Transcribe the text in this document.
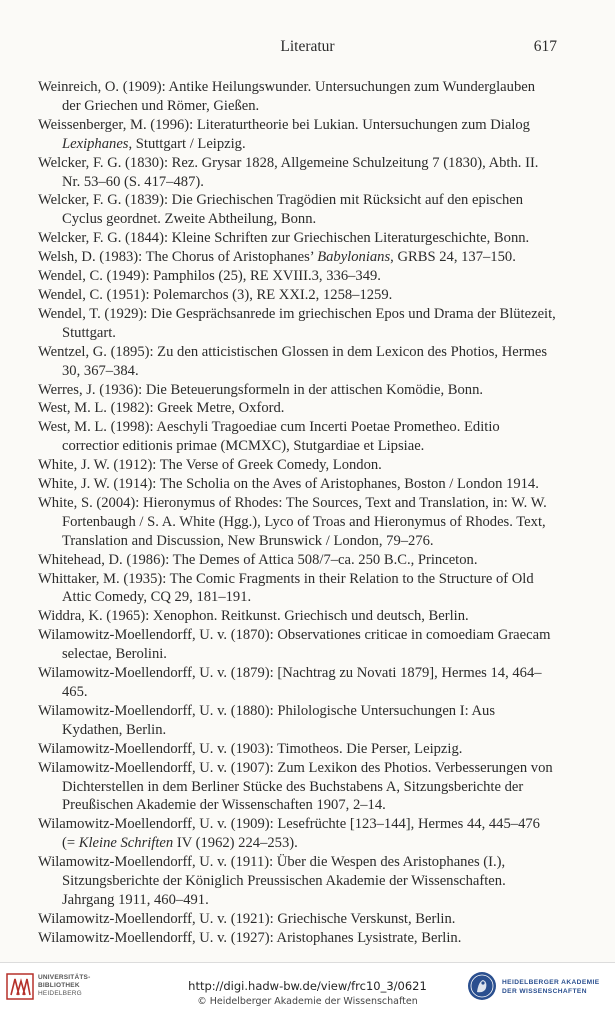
Literatur	617
Weinreich, O. (1909): Antike Heilungswunder. Untersuchungen zum Wunderglauben der Griechen und Römer, Gießen.
Weissenberger, M. (1996): Literaturtheorie bei Lukian. Untersuchungen zum Dialog Lexiphanes, Stuttgart / Leipzig.
Welcker, F. G. (1830): Rez. Grysar 1828, Allgemeine Schulzeitung 7 (1830), Abth. II. Nr. 53–60 (S. 417–487).
Welcker, F. G. (1839): Die Griechischen Tragödien mit Rücksicht auf den epischen Cyclus geordnet. Zweite Abtheilung, Bonn.
Welcker, F. G. (1844): Kleine Schriften zur Griechischen Literaturgeschichte, Bonn.
Welsh, D. (1983): The Chorus of Aristophanes’ Babylonians, GRBS 24, 137–150.
Wendel, C. (1949): Pamphilos (25), RE XVIII.3, 336–349.
Wendel, C. (1951): Polemarchos (3), RE XXI.2, 1258–1259.
Wendel, T. (1929): Die Gesprächsanrede im griechischen Epos und Drama der Blütezeit, Stuttgart.
Wentzel, G. (1895): Zu den atticistischen Glossen in dem Lexicon des Photios, Hermes 30, 367–384.
Werres, J. (1936): Die Beteuerungsformeln in der attischen Komödie, Bonn.
West, M. L. (1982): Greek Metre, Oxford.
West, M. L. (1998): Aeschyli Tragoediae cum Incerti Poetae Prometheo. Editio correctior editionis primae (MCMXC), Stutgardiae et Lipsiae.
White, J. W. (1912): The Verse of Greek Comedy, London.
White, J. W. (1914): The Scholia on the Aves of Aristophanes, Boston / London 1914.
White, S. (2004): Hieronymus of Rhodes: The Sources, Text and Translation, in: W. W. Fortenbaugh / S. A. White (Hgg.), Lyco of Troas and Hieronymus of Rhodes. Text, Translation and Discussion, New Brunswick / London, 79–276.
Whitehead, D. (1986): The Demes of Attica 508/7–ca. 250 B.C., Princeton.
Whittaker, M. (1935): The Comic Fragments in their Relation to the Structure of Old Attic Comedy, CQ 29, 181–191.
Widdra, K. (1965): Xenophon. Reitkunst. Griechisch und deutsch, Berlin.
Wilamowitz-Moellendorff, U. v. (1870): Observationes criticae in comoediam Graecam selectae, Berolini.
Wilamowitz-Moellendorff, U. v. (1879): [Nachtrag zu Novati 1879], Hermes 14, 464–465.
Wilamowitz-Moellendorff, U. v. (1880): Philologische Untersuchungen I: Aus Kydathen, Berlin.
Wilamowitz-Moellendorff, U. v. (1903): Timotheos. Die Perser, Leipzig.
Wilamowitz-Moellendorff, U. v. (1907): Zum Lexikon des Photios. Verbesserungen von Dichterstellen in dem Berliner Stücke des Buchstabens A, Sitzungsberichte der Preußischen Akademie der Wissenschaften 1907, 2–14.
Wilamowitz-Moellendorff, U. v. (1909): Lesefrüchte [123–144], Hermes 44, 445–476 (= Kleine Schriften IV (1962) 224–253).
Wilamowitz-Moellendorff, U. v. (1911): Über die Wespen des Aristophanes (I.), Sitzungsberichte der Königlich Preussischen Akademie der Wissenschaften. Jahrgang 1911, 460–491.
Wilamowitz-Moellendorff, U. v. (1921): Griechische Verskunst, Berlin.
Wilamowitz-Moellendorff, U. v. (1927): Aristophanes Lysistrate, Berlin.
UNIVERSITÄTS-
BIBLIOTHEK
HEIDELBERG
http://digi.hadw-bw.de/view/frc10_3/0621
© Heidelberger Akademie der Wissenschaften
HEIDELBERGER AKADEMIE
DER WISSENSCHAFTEN
